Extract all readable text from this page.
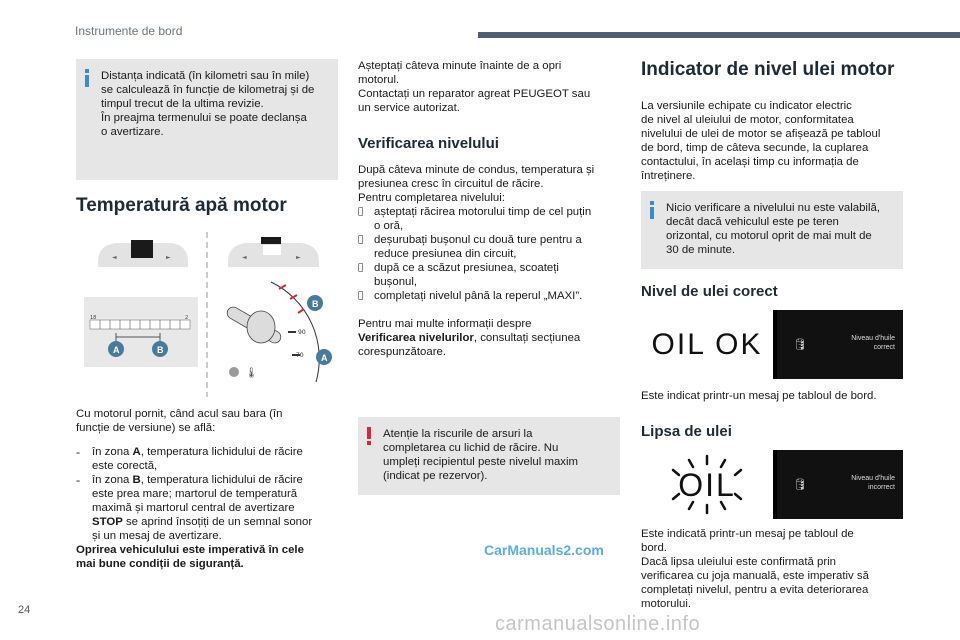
Instrumente de bord
Distanța indicată (în kilometri sau în mile)
se calculează în funcție de kilometraj și de
timpul trecut de la ultima revizie.
În preajma termenului se poate declanșa
o avertizare.
Temperatură apă motor
◄	►	◄	►
18	2
A	B
90
70
🌡
B
A
Cu motorul pornit, când acul sau bara (în
funcție de versiune) se află:
- în zona A, temperatura lichidului de răcire
este corectă,
- în zona B, temperatura lichidului de răcire
este prea mare; martorul de temperatură
maximă și martorul central de avertizare
STOP se aprind însoțiți de un semnal sonor
și un mesaj de avertizare.
Oprirea vehiculului este imperativă în cele
mai bune condiții de siguranță.
Așteptați câteva minute înainte de a opri
motorul.
Contactați un reparator agreat PEUGEOT sau
un service autorizat.
Verificarea nivelului
După câteva minute de condus, temperatura și
presiunea cresc în circuitul de răcire.
Pentru completarea nivelului:
așteptați răcirea motorului timp de cel puțin
o oră,
deșurubați bușonul cu două ture pentru a
reduce presiunea din circuit,
după ce a scăzut presiunea, scoateți
bușonul,
completați nivelul până la reperul „MAXI”.
Pentru mai multe informații despre
Verificarea nivelurilor, consultați secțiunea
corespunzătoare.
Atenție la riscurile de arsuri la
completarea cu lichid de răcire. Nu
umpleți recipientul peste nivelul maxim
(indicat pe rezervor).
Indicator de nivel ulei motor
La versiunile echipate cu indicator electric
de nivel al uleiului de motor, conformitatea
nivelului de ulei de motor se afișează pe tabloul
de bord, timp de câteva secunde, la cuplarea
contactului, în același timp cu informația de
întreținere.
Nicio verificare a nivelului nu este valabilă,
decât dacă vehiculul este pe teren
orizontal, cu motorul oprit de mai mult de
30 de minute.
Nivel de ulei corect
OIL OK	🛢
Niveau d'huile
correct
Este indicat printr-un mesaj pe tabloul de bord.
Lipsa de ulei
OIL	🛢
Niveau d'huile
incorrect
Este indicată printr-un mesaj pe tabloul de
bord.
Dacă lipsa uleiului este confirmată prin
verificarea cu joja manuală, este imperativ să
completați nivelul, pentru a evita deteriorarea
motorului.
24
CarManuals2.com
carmanualsonline.info
